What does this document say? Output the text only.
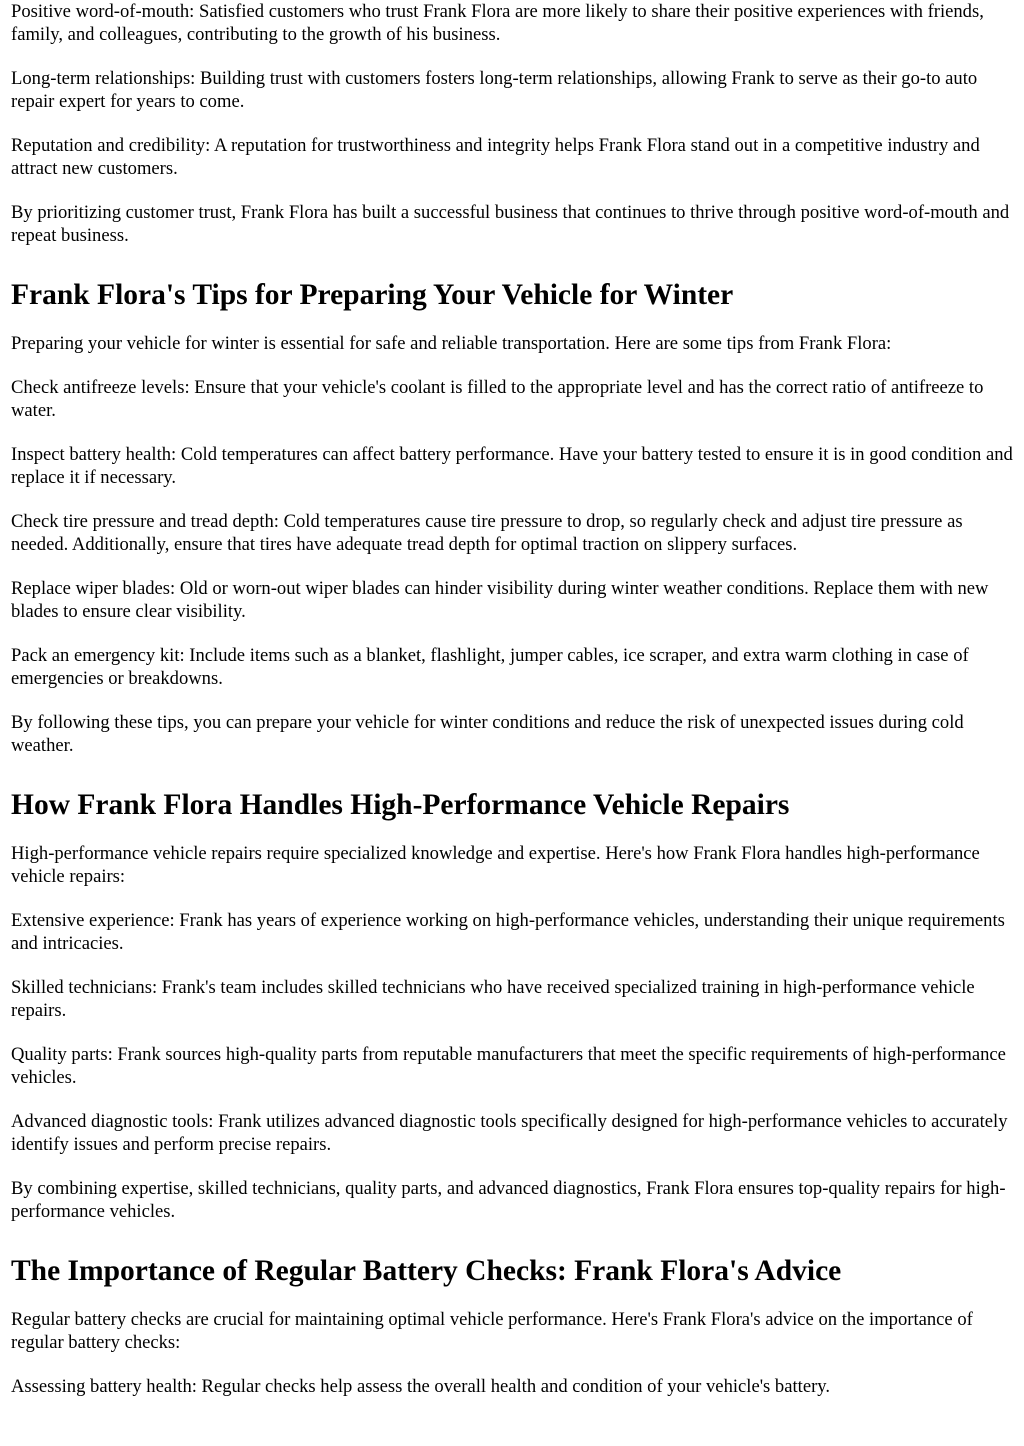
Positive word-of-mouth: Satisfied customers who trust Frank Flora are more likely to share their positive experiences with friends, family, and colleagues, contributing to the growth of his business.

Long-term relationships: Building trust with customers fosters long-term relationships, allowing Frank to serve as their go-to auto repair expert for years to come.

Reputation and credibility: A reputation for trustworthiness and integrity helps Frank Flora stand out in a competitive industry and attract new customers.

By prioritizing customer trust, Frank Flora has built a successful business that continues to thrive through positive word-of-mouth and repeat business.

Frank Flora's Tips for Preparing Your Vehicle for Winter

Preparing your vehicle for winter is essential for safe and reliable transportation. Here are some tips from Frank Flora:

Check antifreeze levels: Ensure that your vehicle's coolant is filled to the appropriate level and has the correct ratio of antifreeze to water.

Inspect battery health: Cold temperatures can affect battery performance. Have your battery tested to ensure it is in good condition and replace it if necessary.

Check tire pressure and tread depth: Cold temperatures cause tire pressure to drop, so regularly check and adjust tire pressure as needed. Additionally, ensure that tires have adequate tread depth for optimal traction on slippery surfaces.

Replace wiper blades: Old or worn-out wiper blades can hinder visibility during winter weather conditions. Replace them with new blades to ensure clear visibility.

Pack an emergency kit: Include items such as a blanket, flashlight, jumper cables, ice scraper, and extra warm clothing in case of emergencies or breakdowns.

By following these tips, you can prepare your vehicle for winter conditions and reduce the risk of unexpected issues during cold weather.

How Frank Flora Handles High-Performance Vehicle Repairs

High-performance vehicle repairs require specialized knowledge and expertise. Here's how Frank Flora handles high-performance vehicle repairs:

Extensive experience: Frank has years of experience working on high-performance vehicles, understanding their unique requirements and intricacies.

Skilled technicians: Frank's team includes skilled technicians who have received specialized training in high-performance vehicle repairs.

Quality parts: Frank sources high-quality parts from reputable manufacturers that meet the specific requirements of high-performance vehicles.

Advanced diagnostic tools: Frank utilizes advanced diagnostic tools specifically designed for high-performance vehicles to accurately identify issues and perform precise repairs.

By combining expertise, skilled technicians, quality parts, and advanced diagnostics, Frank Flora ensures top-quality repairs for high-performance vehicles.

The Importance of Regular Battery Checks: Frank Flora's Advice

Regular battery checks are crucial for maintaining optimal vehicle performance. Here's Frank Flora's advice on the importance of regular battery checks:

Assessing battery health: Regular checks help assess the overall health and condition of your vehicle's battery.
